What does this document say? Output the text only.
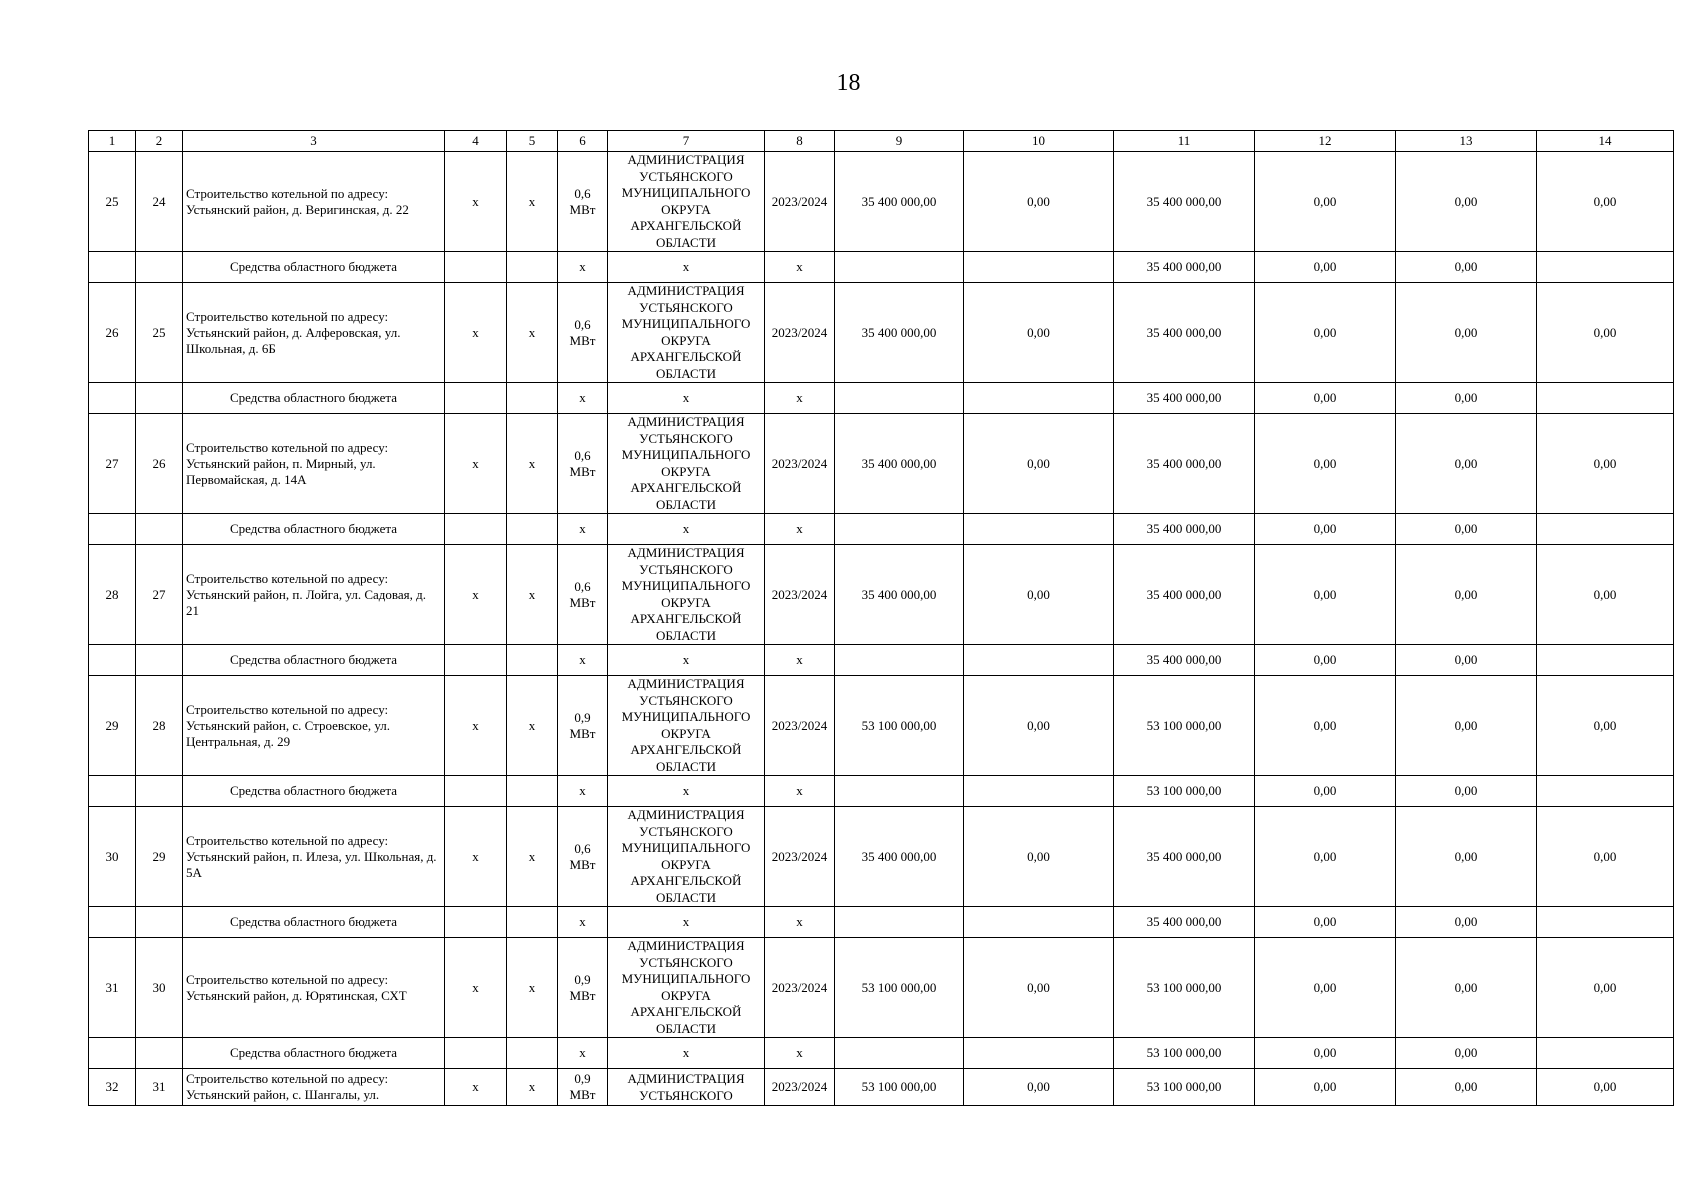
18
1	2	3	4	5	6	7	8	9	10	11	12	13	14
25	24	Строительство котельной по адресу: Устьянский район, д. Веригинская, д. 22	x	x	0,6 МВт	АДМИНИСТРАЦИЯ УСТЬЯНСКОГО МУНИЦИПАЛЬНОГО ОКРУГА АРХАНГЕЛЬСКОЙ ОБЛАСТИ	2023/2024	35 400 000,00	0,00	35 400 000,00	0,00	0,00	0,00
		Средства областного бюджета			x	x	x			35 400 000,00	0,00	0,00	
26	25	Строительство котельной по адресу: Устьянский район, д. Алферовская, ул. Школьная, д. 6Б	x	x	0,6 МВт	АДМИНИСТРАЦИЯ УСТЬЯНСКОГО МУНИЦИПАЛЬНОГО ОКРУГА АРХАНГЕЛЬСКОЙ ОБЛАСТИ	2023/2024	35 400 000,00	0,00	35 400 000,00	0,00	0,00	0,00
		Средства областного бюджета			x	x	x			35 400 000,00	0,00	0,00	
27	26	Строительство котельной по адресу: Устьянский район, п. Мирный, ул. Первомайская, д. 14А	x	x	0,6 МВт	АДМИНИСТРАЦИЯ УСТЬЯНСКОГО МУНИЦИПАЛЬНОГО ОКРУГА АРХАНГЕЛЬСКОЙ ОБЛАСТИ	2023/2024	35 400 000,00	0,00	35 400 000,00	0,00	0,00	0,00
		Средства областного бюджета			x	x	x			35 400 000,00	0,00	0,00	
28	27	Строительство котельной по адресу: Устьянский район, п. Лойга, ул. Садовая, д. 21	x	x	0,6 МВт	АДМИНИСТРАЦИЯ УСТЬЯНСКОГО МУНИЦИПАЛЬНОГО ОКРУГА АРХАНГЕЛЬСКОЙ ОБЛАСТИ	2023/2024	35 400 000,00	0,00	35 400 000,00	0,00	0,00	0,00
		Средства областного бюджета			x	x	x			35 400 000,00	0,00	0,00	
29	28	Строительство котельной по адресу: Устьянский район, с. Строевское, ул. Центральная, д. 29	x	x	0,9 МВт	АДМИНИСТРАЦИЯ УСТЬЯНСКОГО МУНИЦИПАЛЬНОГО ОКРУГА АРХАНГЕЛЬСКОЙ ОБЛАСТИ	2023/2024	53 100 000,00	0,00	53 100 000,00	0,00	0,00	0,00
		Средства областного бюджета			x	x	x			53 100 000,00	0,00	0,00	
30	29	Строительство котельной по адресу: Устьянский район, п. Илеза, ул. Школьная, д. 5А	x	x	0,6 МВт	АДМИНИСТРАЦИЯ УСТЬЯНСКОГО МУНИЦИПАЛЬНОГО ОКРУГА АРХАНГЕЛЬСКОЙ ОБЛАСТИ	2023/2024	35 400 000,00	0,00	35 400 000,00	0,00	0,00	0,00
		Средства областного бюджета			x	x	x			35 400 000,00	0,00	0,00	
31	30	Строительство котельной по адресу: Устьянский район, д. Юрятинская, СХТ	x	x	0,9 МВт	АДМИНИСТРАЦИЯ УСТЬЯНСКОГО МУНИЦИПАЛЬНОГО ОКРУГА АРХАНГЕЛЬСКОЙ ОБЛАСТИ	2023/2024	53 100 000,00	0,00	53 100 000,00	0,00	0,00	0,00
		Средства областного бюджета			x	x	x			53 100 000,00	0,00	0,00	
32	31	Строительство котельной по адресу: Устьянский район, с. Шангалы, ул.	x	x	0,9 МВт	АДМИНИСТРАЦИЯ УСТЬЯНСКОГО	2023/2024	53 100 000,00	0,00	53 100 000,00	0,00	0,00	0,00
